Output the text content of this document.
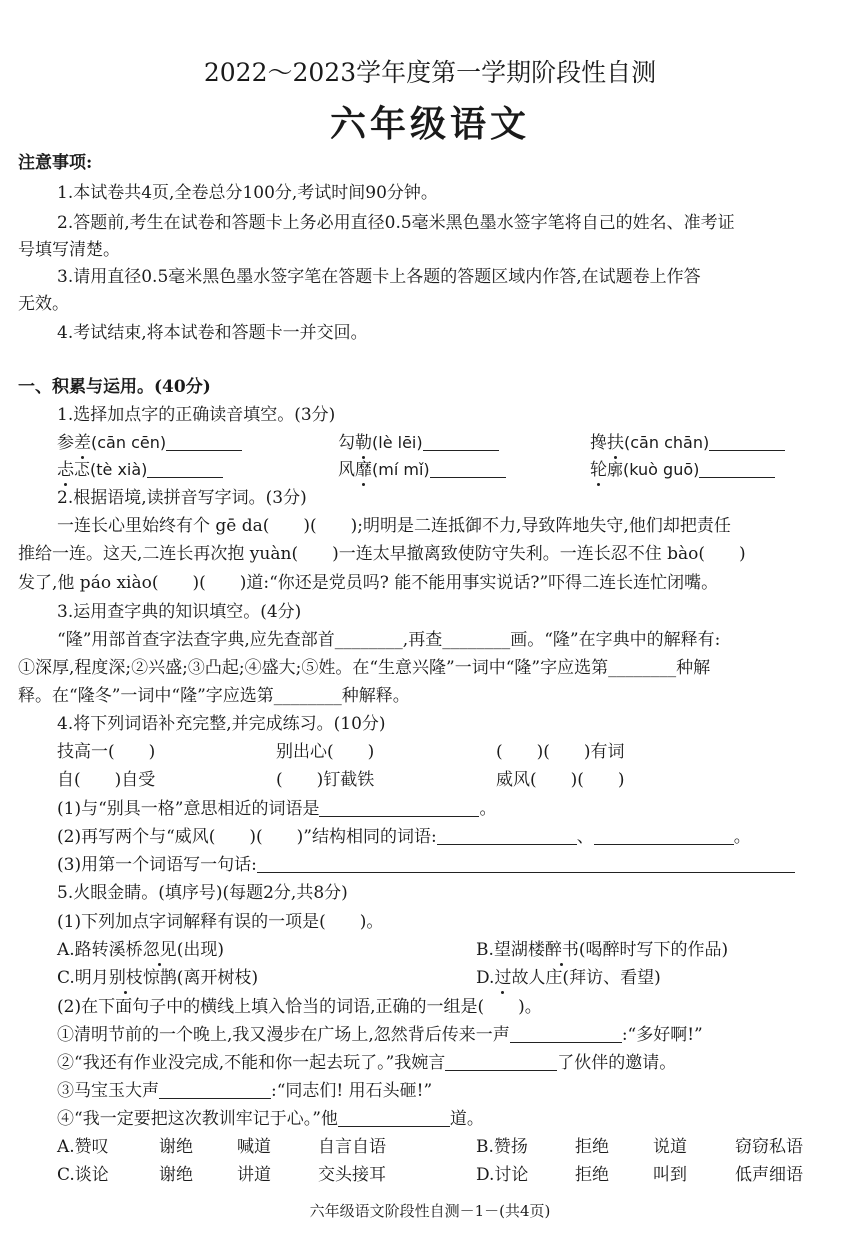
2022～2023学年度第一学期阶段性自测
六年级语文
注意事项:
1.本试卷共4页,全卷总分100分,考试时间90分钟。
2.答题前,考生在试卷和答题卡上务必用直径0.5毫米黑色墨水签字笔将自己的姓名、准考证
号填写清楚。
3.请用直径0.5毫米黑色墨水签字笔在答题卡上各题的答题区域内作答,在试题卷上作答
无效。
4.考试结束,将本试卷和答题卡一并交回。
一、积累与运用。(40分)
1.选择加点字的正确读音填空。(3分)
参差(cān cēn)	勾勒(lè lēi)	搀扶(cān chān)
忐忑(tè xià)	风靡(mí mǐ)	轮廓(kuò guō)
2.根据语境,读拼音写字词。(3分)
一连长心里始终有个 gē da(　　)(　　);明明是二连抵御不力,导致阵地失守,他们却把责任
推给一连。这天,二连长再次抱 yuàn(　　)一连太早撤离致使防守失利。一连长忍不住 bào(　　)
发了,他 páo xiào(　　)(　　)道:“你还是党员吗? 能不能用事实说话?”吓得二连长连忙闭嘴。
3.运用查字典的知识填空。(4分)
“隆”用部首查字法查字典,应先查部首________,再查________画。“隆”在字典中的解释有:
①深厚,程度深;②兴盛;③凸起;④盛大;⑤姓。在“生意兴隆”一词中“隆”字应选第________种解
释。在“隆冬”一词中“隆”字应选第________种解释。
4.将下列词语补充完整,并完成练习。(10分)
技高一(　　)	别出心(　　)	(　　)(　　)有词
自(　　)自受	(　　)钉截铁	威风(　　)(　　)
(1)与“别具一格”意思相近的词语是	。
(2)再写两个与“威风(　　)(　　)”结构相同的词语:	、	。
(3)用第一个词语写一句话:
5.火眼金睛。(填序号)(每题2分,共8分)
(1)下列加点字词解释有误的一项是(　　)。
A.路转溪桥忽见(出现)	B.望湖楼醉书(喝醉时写下的作品)
C.明月别枝惊鹊(离开树枝)	D.过故人庄(拜访、看望)
(2)在下面句子中的横线上填入恰当的词语,正确的一组是(　　)。
①清明节前的一个晚上,我又漫步在广场上,忽然背后传来一声	:“多好啊!”
②“我还有作业没完成,不能和你一起去玩了。”我婉言	了伙伴的邀请。
③马宝玉大声	:“同志们! 用石头砸!”
④“我一定要把这次教训牢记于心。”他	道。
A.赞叹	谢绝	喊道	自言自语	B.赞扬	拒绝	说道	窃窃私语
C.谈论	谢绝	讲道	交头接耳	D.讨论	拒绝	叫到	低声细语
六年级语文阶段性自测－1－(共4页)
